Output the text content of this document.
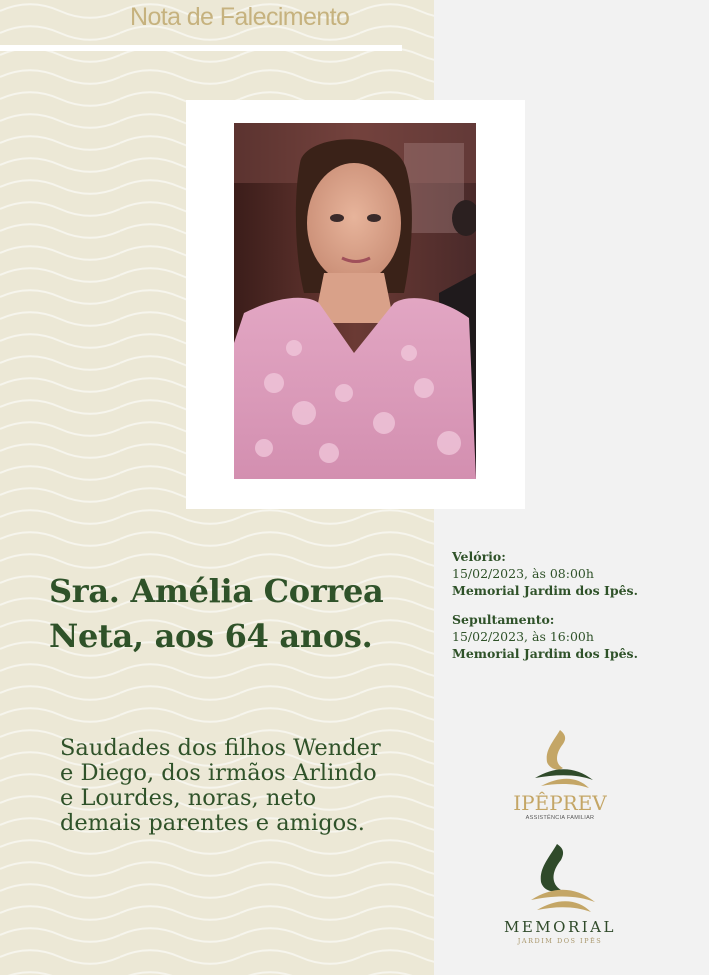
Nota de Falecimento
Sra. Amélia Correa
Neta, aos 64 anos.
Saudades dos filhos Wender
e Diego, dos irmãos Arlindo
e Lourdes, noras, neto
demais parentes e amigos.
Velório:
15/02/2023, às 08:00h
Memorial Jardim dos Ipês.
Sepultamento:
15/02/2023, às 16:00h
Memorial Jardim dos Ipês.
IPÊPREV
ASSISTÊNCIA FAMILIAR
MEMORIAL
JARDIM DOS IPÊS
